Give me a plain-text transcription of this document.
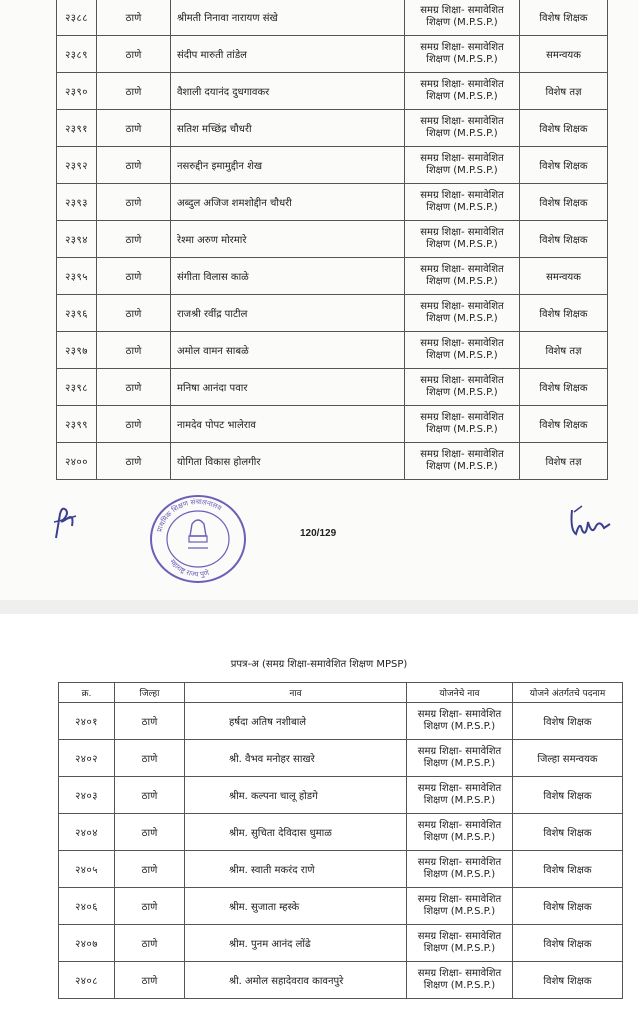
२३८८	ठाणे	श्रीमती निनावा नारायण संखे	समग्र शिक्षा- समावेशित
शिक्षण (M.P.S.P.)	विशेष शिक्षक
२३८९	ठाणे	संदीप मारुती तांडेल	समग्र शिक्षा- समावेशित
शिक्षण (M.P.S.P.)	समन्वयक
२३९०	ठाणे	वैशाली दयानंद दुधगावकर	समग्र शिक्षा- समावेशित
शिक्षण (M.P.S.P.)	विशेष तज्ञ
२३९१	ठाणे	सतिश मच्छिंद्र चौधरी	समग्र शिक्षा- समावेशित
शिक्षण (M.P.S.P.)	विशेष शिक्षक
२३९२	ठाणे	नसरुद्दीन इमामुद्दीन शेख	समग्र शिक्षा- समावेशित
शिक्षण (M.P.S.P.)	विशेष शिक्षक
२३९३	ठाणे	अब्दुल अजिज शमशोद्दीन चौधरी	समग्र शिक्षा- समावेशित
शिक्षण (M.P.S.P.)	विशेष शिक्षक
२३९४	ठाणे	रेश्मा अरुण मोरमारे	समग्र शिक्षा- समावेशित
शिक्षण (M.P.S.P.)	विशेष शिक्षक
२३९५	ठाणे	संगीता विलास काळे	समग्र शिक्षा- समावेशित
शिक्षण (M.P.S.P.)	समन्वयक
२३९६	ठाणे	राजश्री रवींद्र पाटील	समग्र शिक्षा- समावेशित
शिक्षण (M.P.S.P.)	विशेष शिक्षक
२३९७	ठाणे	अमोल वामन साबळे	समग्र शिक्षा- समावेशित
शिक्षण (M.P.S.P.)	विशेष तज्ञ
२३९८	ठाणे	मनिषा आनंदा पवार	समग्र शिक्षा- समावेशित
शिक्षण (M.P.S.P.)	विशेष शिक्षक
२३९९	ठाणे	नामदेव पोपट भालेराव	समग्र शिक्षा- समावेशित
शिक्षण (M.P.S.P.)	विशेष शिक्षक
२४००	ठाणे	योगिता विकास होलगीर	समग्र शिक्षा- समावेशित
शिक्षण (M.P.S.P.)	विशेष तज्ञ
प्राथमिक शिक्षण संचालनालय
महाराष्ट्र राज्य पुणे
120/129
प्रपत्र-अ (समग्र शिक्षा-समावेशित शिक्षण MPSP)
क्र.	जिल्हा	नाव	योजनेचे नाव	योजने अंतर्गतचे पदनाम
२४०१	ठाणे	हर्षदा अतिष नशीबाले	समग्र शिक्षा- समावेशित
शिक्षण (M.P.S.P.)	विशेष शिक्षक
२४०२	ठाणे	श्री. वैभव मनोहर साखरे	समग्र शिक्षा- समावेशित
शिक्षण (M.P.S.P.)	जिल्हा समन्वयक
२४०३	ठाणे	श्रीम. कल्पना चालू होडगे	समग्र शिक्षा- समावेशित
शिक्षण (M.P.S.P.)	विशेष शिक्षक
२४०४	ठाणे	श्रीम. सुचिता देविदास धुमाळ	समग्र शिक्षा- समावेशित
शिक्षण (M.P.S.P.)	विशेष शिक्षक
२४०५	ठाणे	श्रीम. स्वाती मकरंद राणे	समग्र शिक्षा- समावेशित
शिक्षण (M.P.S.P.)	विशेष शिक्षक
२४०६	ठाणे	श्रीम. सुजाता म्हस्के	समग्र शिक्षा- समावेशित
शिक्षण (M.P.S.P.)	विशेष शिक्षक
२४०७	ठाणे	श्रीम. पुनम आनंद लोंढे	समग्र शिक्षा- समावेशित
शिक्षण (M.P.S.P.)	विशेष शिक्षक
२४०८	ठाणे	श्री. अमोल सहादेवराव कावनपुरे	समग्र शिक्षा- समावेशित
शिक्षण (M.P.S.P.)	विशेष शिक्षक
